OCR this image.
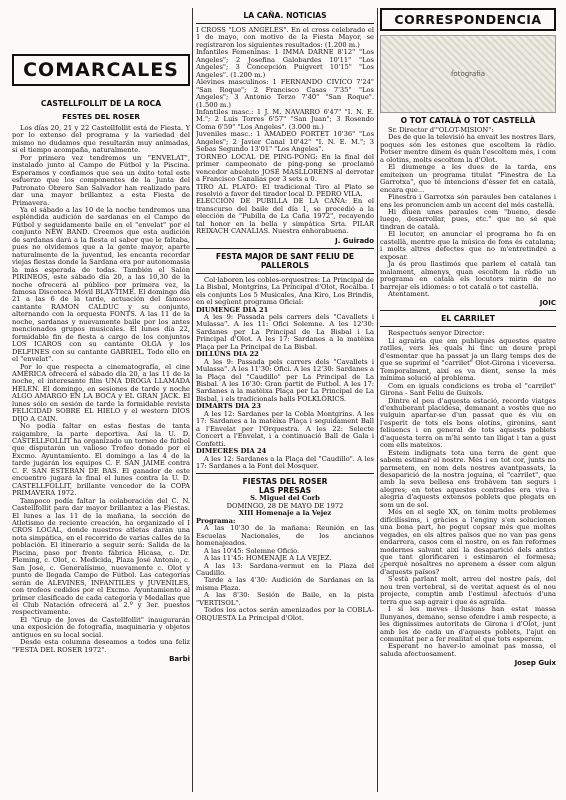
COMARCALES
CASTELLFOLLIT DE LA ROCA
FESTES DEL ROSER

Los días 20, 21 y 22 Castellfollit está de Fiesta. Y por lo extenso del programa y la variedad del mismo no dudamos que resultarán muy animadas, si el tiempo acompaña, naturalmente.

Por primera vez tendremos un "ENVELAT", instalado junto al Campo de Fútbol y la Piscina. Esperamos y confiamos que sea un éxito total este esfuerzo que los componentes de la Junta del Patronato Obrero San Salvador han realizado para dar una mayor brillantez a esta Fiesta de Primavera.

Ya el sábado a las 10 de la noche tendremos una espléndida audición de sardanas en el Campo de Fútbol y seguidamente baile en el "envelat" por el conjunto NEW BAND. Creemos que esta audición de sardanas dará a la fiesta el sabor que le faltaba, pues no olvidemos que a la gente mayor, aparte naturalmente de la juventud, les encanta recordar viejas fiestas donde la Sardana era por autonomasia la más esperada de todas. También el Salón PIRINEOS, este sábado día 20, a las 10,30 de la noche ofrecerá al público por primera vez, la famosa Discoteca Móvil BLAY-TIME. El domingo día 21 a las 6 de la tarde, actuación del famoso cantante RAMON CALDUC y su conjunto, alternando con la orquesta FONTS. A las 11 de la noche, sardanas y nuevamente baile por los antes mencionados grupos musicales. El lunes día 22, formidable fin de fiesta a cargo de los conjuntos LOS ICAROS con su cantante OLGA y los DELFINES con su cantante GABRIEL. Todo ello en el "envelat".

Por lo que respecta a cinematografía, el cine AMÉRICA ofrecerá el sábado día 20, a las 11 de la noche, el interesante film UNA DROGA LLAMADA HELEN. El domingo, en sesiones de tarde y noche ALGO AMARGO EN LA BOCA y EL GRAN JACK. El lunes sólo en sesión de tarde la formidable revista FELICIDAD SOBRE EL HIELO y el western DIOS DIJO A CAIN.

No podía faltar en estas fiestas de tanta raigambre, la parte deportiva. Así la U. D. CASTELLFOLLIT ha organizado un torneo de fútbol que disputarán un valioso Trofeo donado por el Excmo. Ayuntamiento. El domingo a las 4 de la tarde jugarán los equipos C. F. SAN JAIME contra C. F. SAN ESTEBAN DE BAS. El ganador de este encuentro jugará la final el lunes contra la U. D. CASTELLFOLLIT, brillante vencedor de la COPA PRIMAVERA 1972.

Tampoco podía faltar la colaboración del C. N. Castellfollit para dar mayor brillantez a las Fiestas. El lunes a las 11 de la mañana, la sección de Atletismo de reciente creación, ha organizado el I CROS LOCAL, donde nuestros atletas darán una nota simpática, en el recorrido de varias calles de la población. El itinerario a seguir será: Salida de la Piscina, paso por frente fábrica Hicasa, c. Dr. Fleming, c. Olot, c. Medicida, Plaza José Antonio, c. San José, c. Generalísimo, nuevamente c. Olot y punto de llegada Campo de Fútbol. Las categorías serán de ALEVINES, INFANTILES y JUVENILES, con trofeos cedidos por el Excmo. Ayuntamiento al primer clasificado de cada categoría y Medallas que el Club Natación ofrecerá al 2.º y 3er. puestos respectivamente.

El "Grup de Joves de Castellfollit" inaugurarán una exposición de fotografía, maquinaria y objetos antiguos en su local social.

Desde esta columna deseamos a todos una feliz "FESTA DEL ROSER 1972".

Barbi
LA CAÑA. NOTICIAS

I CROSS "LOS ANGELES". En el cross celebrado el 1 de mayo, con motivo de la Fiesta Mayor, se registraron los siguientes resultados: (1.200 m.)

Infantiles Femeninas: 1 IMMA DARNE 8'12" "Los Angeles"; 2 Josefina Galobardes 10'11" "Los Angeles"; 3 Concepción Puigvert 10'15" "Los Angeles". (1.200 m.)

Alevines masculinos: 1 FERNANDO CIVICO 7'24" "San Roque"; 2 Francisco Casas 7'35" "Los Angeles"; 3 Antonio Terzo 7'40" "San Roque". (1.500 m.)

Infantiles masc.: 1 J. M. NAVARRO 6'47" "I. N. E. M."; 2 Luis Torres 6'57" "San Juan"; 3 Rosendo Coma 6'59" "Los Angeles". (3.000 m.)

Juveniles masc.: 1 AMADEO FORTET 10'36" "Los Angeles"; 2 Javier Canal 10'42" "I. N. E. M."; 3 Sebas Segundo 13'01" "Los Angeles".

TORNEO LOCAL DE PING-PONG: En la final del primer campeonato de ping-pong se proclamó vencedor absoluto JOSÉ MASLLORENS al derrotar a Francisco Canalias por 3 sets a 0.

TIRO AL PLATO: El tradicional Tiro al Plato se resolvió a favor del tirador local D. PEDRO VILA.

ELECCIÓN DE PUBILLA DE LA CAÑA: En el transcurso del baile del día 1, se procedió a la elección de "Pubilla de La Caña 1972", recayendo tal honor en la bella y simpática Srta. PILAR REIXACH CANALIAS. Nuestra enhorabuena.

J. Guirado
FESTA MAJOR DE SANT FELIU DE PALLEROLS

Col·laboren les cobles-orquestres: La Principal de La Bisbal, Montgrins, La Principal d'Olot, Rocalba. I els conjunts Los 5 Musicales, Ana Kiro, Los Brindis, en el següent programa Oficial:

DIUMENGE DIA 21

A les 9: Passada pels carrers dels "Cavallets i Mulassa". A les 11: Ofici Solemne. A les 12'30: Sardanes per La Principal de La Bisbal i La Principal d'Olot. A les 17: Sardanes a la matèixa Plaça per La Principal de La Bisbal.

DILLUNS DIA 22

A les 9: Passada pels carrers dels "Cavallets i Mulassa". A les 11'30: Ofici. A les 12'30: Sardanes a la Plaça del "Caudillo" per La Principal de La Bisbal. A les 16'30: Gran partit de Futbol. A les 17: Sardanes a la matèixa Plaça per La Principal de La Bisbal, i els tradicionals balls FOLKLÒRICS.

DIMARTS DIA 23

A les 12: Sardanes per la Cobla Montgrins. A les 17: Sardanes a la matèixa Plaça i seguidament Ball a l'Envelat per l'Orquestra. A les 22: Selecte Concert a l'Envelat, i a continuació Ball de Gala i Confetti.

DIMECRES DIA 24

A les 12: Sardanes a la Plaça del "Caudillo". A les 17: Sardanes a la Font del Mosquer.

FIESTAS DEL ROSER
LAS PRESAS

S. Miguel del Corb

DOMINGO, 28 DE MAYO DE 1972

XIII Homenaje a la Vejez

Programa:

A las 10'30 de la mañana: Reunión en las Escuelas Nacionales, de los ancianos homenajeados.

A las 10'45: Solemne Oficio.

A las 11'45: HOMENAJE A LA VEJEZ.

A las 13: Sardana-vermut en la Plaza del Caudillo.

Tarde a las 4'30: Audición de Sardanas en la misma Plaza.

A las 8'30: Sesión de Baile, en la pista "VERTISOL".

Todos los actos serán amenizados por la COBLA-ORQUESTA La Principal d'Olot.

CORRESPONDENCIA
fotografia
O TOT CATALÀ O TOT CASTELLÀ

Sr. Director d'"OLOT-MISION":

Des de que la televisió ha envait les nostres llars, poques són les estones que escoltem la ràdio. Potser mentre dinem és quan l'escoltem més, i com a olotins, molts escoltem la d'Olot.

El diumenge a les dues de la tarda, ens emiteixen un programa titulat "Finestra de La Garrotxa", que té intencions d'ésser fet en català, encara que...

Finestra i Garrotxa són paraules ben catalanes i ens les pronuncien amb un accent del més castellà.

Hi diuen unes paraules com "bueno, desde luego, desarrollar, pues, etc." que no sé què tindran de català.

El locutor, en anunciar el programa ho fa en castellà, mentre que la música de fons és catalana; i molts altres defectes que no m'entretindré a exposar.

Ja és prou llastimós que parlem el català tan malament, almenys, quan escoltem la ràdio un programa en català els locutors mirin de no barrejar els idiomes: o tot català o tot castellà.

Atentament.

JOIC
EL CARRILET

Respectuós senyor Director:

Li agrairia que em publiqués aquestes quatre ratlles, vers les quals hi tinc un deure propi d'esmentar que ha passat ja un llarg temps des de que se suprimí el "carrilet" Olot-Girona i viceversa. Temporalment, així es va dient, sense la més mínima solució al problema.

Com en iguals condicions es troba el "carrilet" Girona - Sant Feliu de Guíxols.

Dintre el peu d'aquesta estació, recordo viatges d'exhuberant placidesa, demanant a vostès que no vulguin apartar-se d'un passat que és viu en l'esperit de tots els bons olotins, gironins, sant feliuencs i en general de tots aquests poblets d'aquesta terra on m'hi sento tan lligat i tan a gust com ells mateixos.

Estem indignats tota una terra de gent que sabem estimar el nostre. Més i en tot cor, junts no parmetem, en nom dels nostres avantpassats, la desaparició de la nostra joguina, el "carrilet", que amb la seva bellesa ens trobàvem tan segurs i alegres; en totes aquestes contrades era viva i alegria d'aquests extensos poblets que plegats en som un de sol.

Més en el segle XX, on tenim molts problemes difícilíssims, i gràcies a l'enginy s'en solucionen una bona part, ho pogut copsar més que moltes vegades, en els altres països que no van pas gens endarrera, casos com el nostre, on es fan reformes modernes salvant així la desaparició dels antics que tant glorificaren i estimaren el formesa; ¿perquè nosaltres no aprenem a ésser com algun d'aquests països?

S'està parlant molt, arreu del nostre país, del nou tren vertebral, si de veritat aquest és el nou projecte, comptin amb l'estimul afectuós d'una terra que sap agrair i que és agraïda.

I si les meves il·lusions han estat massa llunyanes, demano, sense ofendre i amb respecte, a les dignissimes autoritats de Girona i d'Olot, junt amb les de cada un d'aquests poblets, l'ajut en comunitat per a fer realitat el que tots esperem.

Esperant no haver-lo amoinat pas massa, el saluda afectuosament.

Josep Guix
